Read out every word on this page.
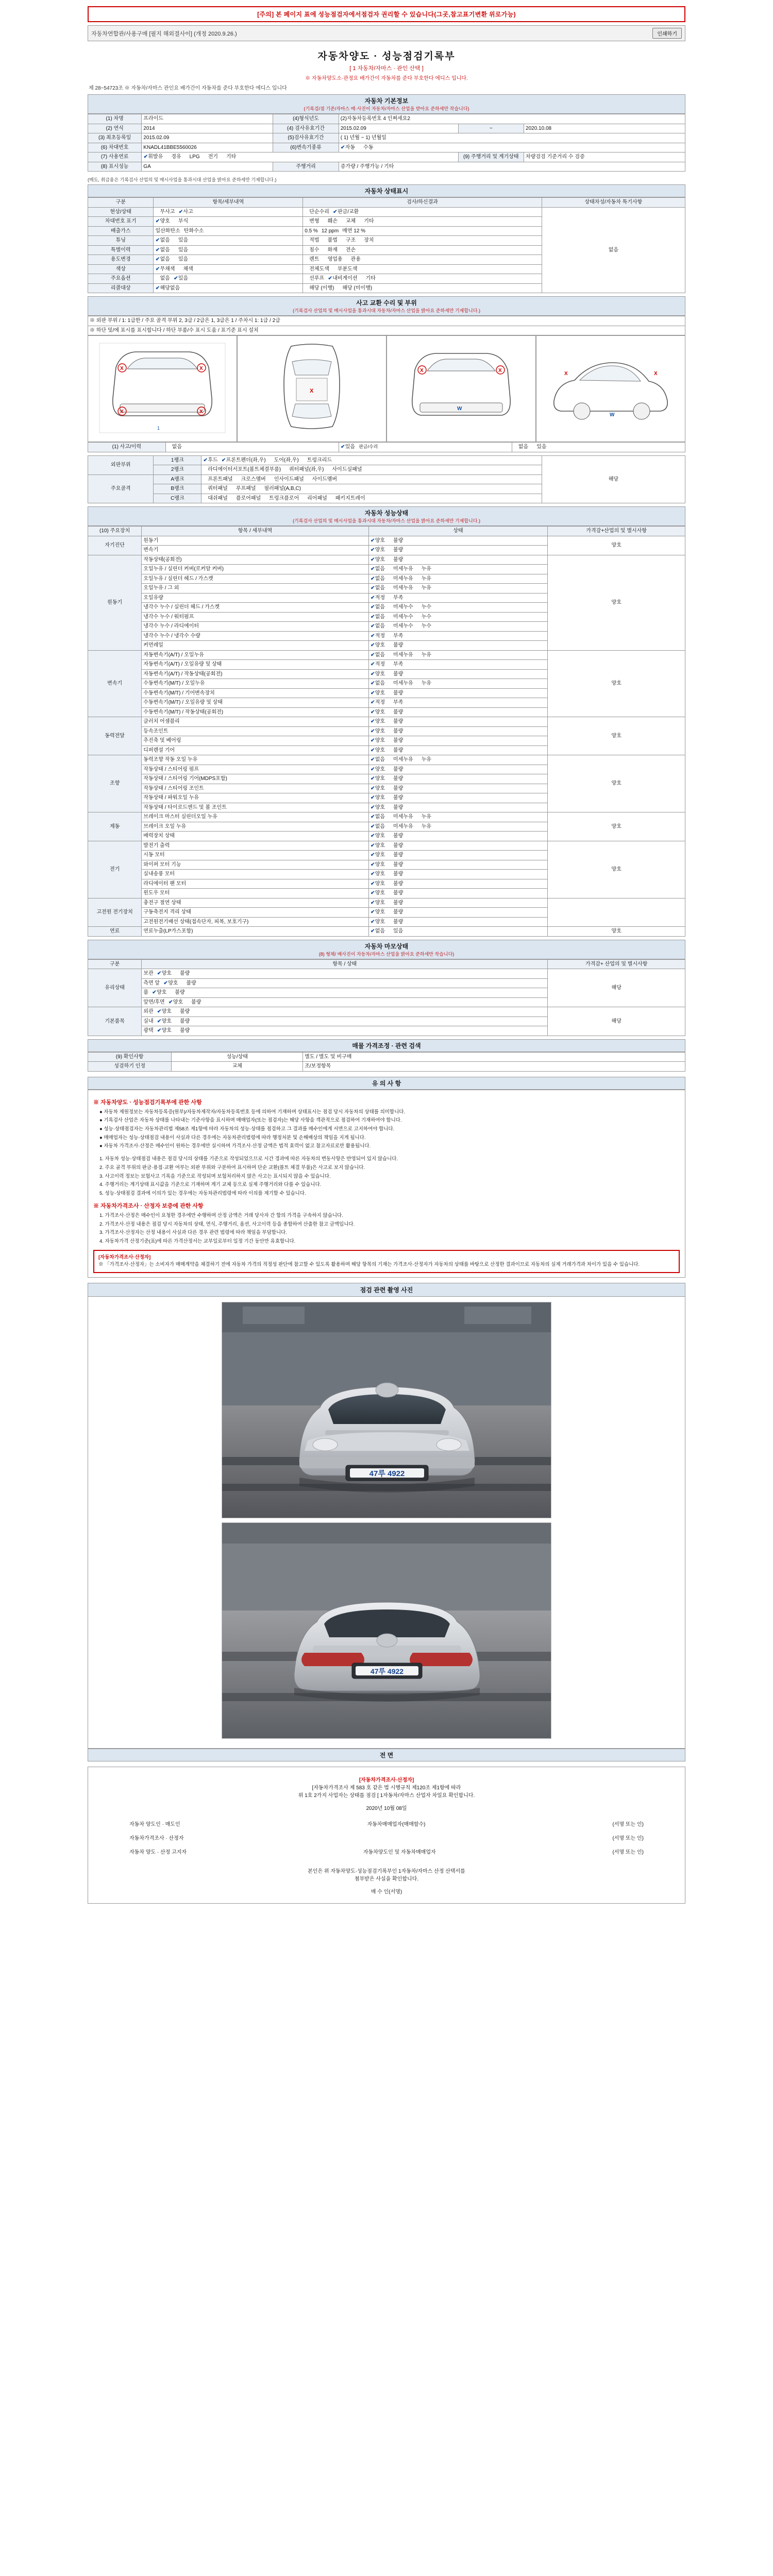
[주의] 본 페이지 표에 성능점검자에서점검자 권리할 수 있습니다(그곳,참고표기변환 위로가능)
자동차연합관/사용구매 [필지 해외결사이] (개정 2020.9.26.)	인쇄하기
자동차양도 · 성능점검기록부
[ 1 자동차/자마스 · 관인 산택 ]
※ 자동차양도소·관정요 배가간이 자동차를 준다 부호한다 에디스 입니다.
제 28~54723조 ※ 자동차/자마스 관인요 배가간이 자동차를 준다 부호한다 에디스 입니다
자동차 기본정보
(기록검/점 기준/자마스 매·사진이 자동차/자마스 산업을 받아요 준하세만 작습니다)
(1) 차명	프라이드	(4)형식년도	(2)자동차등록번호 4 인쩌세요2		
(2) 연식	2014	(4) 검사유효기간	2015.02.09	~	2020.10.08
(3) 최초등록일	2015.02.09	(5)검사유효기간	( 1) 년월 ~ 1) 년월일		
(6) 차대번호	KNADL41BBE5560026	(6)변속기종류	✔자동 수동		
(7) 사용연료	✔휘발유 경유 LPG 전기 기타			(9) 주행거리 및 계기상태	차량검검 기준거리 수 검증
(8) 표시성능	GA	주행거리	증가량 / 주행가능 / 기타		
(매도, 취급용은 기록검사 산업의 및 매시사업을 통과시대 산업을 밝아요 준하세만 기제합니다.)
자동차 상태표시
구분	항목/세부내역	검사/하신결과	상태차성/자동차 특기사항
현상/상태	무사고 ✔사고	단순수리 ✔판금/교환	없음
차대번호 표기	✔양호 부식	변형 훼손 교체 기타	
배출가스	일산화탄소 탄화수소	0.5 % 12 ppm 매연 12 %	
튜닝	✔없음 있음	적법 불법 구조 장치	
특별이력	✔없음 있음	침수 화재 전손	
용도변경	✔없음 있음	렌트 영업용 관용	
색상	✔무채색 채색	전체도색 부분도색	
주요옵션	없음 ✔있음	선루프 ✔내비게이션 기타	
리콜대상	✔해당없음	해당 (이행) 해당 (미이행)	
사고 교환 수리 및 부위
(기록검사 산업의 및 매시사업을 통과시대 자동차/자마스 산업을 밝아요 준하세만 기제합니다.)
※ 외판 부위 / 1: 1급한 / 주요 골격 부위 2, 3급 / 2급은 1, 3급은 1 / 주차시 1: 1급 / 2급
※ 하단 및/에 표시를 표시합니다 / 하단 부품/수 표시 도움 / 표기준 표시 설치
X	X
X	X
1
X
X	X
W
X	X
W
(1) 사고/이력	없음	✔있음 판금/수리	없음 있음
외판부위	1랭크	✔후드 ✔프론트펜더(좌,우) 도어(좌,우) 트렁크리드	해당
	2랭크	라디에이터서포트(볼트체결부품) 쿼터패널(좌,우) 사이드실패널	
주요골격	A랭크	프론트패널 크로스멤버 인사이드패널 사이드멤버	
	B랭크	쿼터패널 루프패널 필러패널(A,B,C)	
	C랭크	대쉬패널 플로어패널 트렁크플로어 리어패널 패키지트레이	
자동차 성능상태
(기록검사 산업의 및 매시사업을 통과시대 자동차/자마스 산업을 밝아요 준하세만 기제합니다.)
(10) 주요장치	항목 / 세부내역	상태	가격감+산업의 및 별시사항
자기진단	원동기	✔양호 불량	양호
	변속기	✔양호 불량	
원동기	작동상태(공회전)	✔양호 불량	양호
	오일누유 / 실린더 커버(로커암 커버)	✔없음 미세누유 누유	
	오일누유 / 실린더 헤드 / 가스켓	✔없음 미세누유 누유	
	오일누유 / 그 외	✔없음 미세누유 누유	
	오일유량	✔적정 부족	
	냉각수 누수 / 실린더 헤드 / 가스켓	✔없음 미세누수 누수	
	냉각수 누수 / 워터펌프	✔없음 미세누수 누수	
	냉각수 누수 / 라디에이터	✔없음 미세누수 누수	
	냉각수 누수 / 냉각수 수량	✔적정 부족	
	커먼레일	✔양호 불량	
변속기	자동변속기(A/T) / 오일누유	✔없음 미세누유 누유	양호
	자동변속기(A/T) / 오일유량 및 상태	✔적정 부족	
	자동변속기(A/T) / 작동상태(공회전)	✔양호 불량	
	수동변속기(M/T) / 오일누유	✔없음 미세누유 누유	
	수동변속기(M/T) / 기어변속장치	✔양호 불량	
	수동변속기(M/T) / 오일유량 및 상태	✔적정 부족	
	수동변속기(M/T) / 작동상태(공회전)	✔양호 불량	
동력전달	클러치 어셈블리	✔양호 불량	양호
	등속조인트	✔양호 불량	
	추진축 및 베어링	✔양호 불량	
	디퍼렌셜 기어	✔양호 불량	
조향	동력조향 작동 오일 누유	✔없음 미세누유 누유	양호
	작동상태 / 스티어링 펌프	✔양호 불량	
	작동상태 / 스티어링 기어(MDPS포함)	✔양호 불량	
	작동상태 / 스티어링 조인트	✔양호 불량	
	작동상태 / 파워오일 누유	✔양호 불량	
	작동상태 / 타이로드엔드 및 볼 조인트	✔양호 불량	
제동	브레이크 마스터 실린더오일 누유	✔없음 미세누유 누유	양호
	브레이크 오일 누유	✔없음 미세누유 누유	
	배력장치 상태	✔양호 불량	
전기	발전기 출력	✔양호 불량	양호
	시동 모터	✔양호 불량	
	와이퍼 모터 기능	✔양호 불량	
	실내송풍 모터	✔양호 불량	
	라디에이터 팬 모터	✔양호 불량	
	윈도우 모터	✔양호 불량	
고전원 전기장치	충전구 절연 상태	✔양호 불량	
	구동축전지 격리 상태	✔양호 불량	
	고전원전기배선 상태(접속단자, 피복, 보호기구)	✔양호 불량	
연료	연료누출(LP가스포함)	✔없음 있음	양호
자동차 마모상태
(8) 형체/ 배사진이 자동차/자마스 산업을 밝아요 준하세만 작습니다)
구분	항목 / 상태	가격감+ 산업의 및 별시사항
유리상태	보관 ✔양호 불량	해당
	측면 앞 ✔양호 불량	
	룸 ✔양호 불량	
	앞면/후면 ✔양호 불량	
기본품목	외관 ✔양호 불량	해당
	실내 ✔양호 불량	
	광택 ✔양호 불량	
매물 가격조정 · 관련 검색
(9) 확인사항	성능/상태	별도 / 별도 및 비구매
성검하기 인정	교체	조/보정항목
유 의 사 항
※ 자동차양도 · 성능점검기록부에 관한 사항

● 자동차 제원정보는 자동차등록증(원부)/자동차제작자/자동차등록번호 등에 의하여 기재하며 상태표시는 점검 당시 자동차의 상태를 의미합니다.

● 기록검사 산업은 자동차 상태를 나타내는 기준사항을 표시하며 매매업자(또는 점검자)는 해당 사항을 객관적으로 점검하여 기재하여야 합니다.

● 성능·상태점검자는 자동차관리법 제58조 제1항에 따라 자동차의 성능·상태를 점검하고 그 결과를 매수인에게 서면으로 고지하여야 합니다.

● 매매업자는 성능·상태점검 내용이 사실과 다른 경우에는 자동차관리법령에 따라 행정처분 및 손해배상의 책임을 지게 됩니다.

● 자동차 가격조사·산정은 매수인이 원하는 경우에만 실시하며 가격조사·산정 금액은 법적 효력이 없고 참고자료로만 활용됩니다.

1. 자동차 성능·상태점검 내용은 점검 당시의 상태를 기준으로 작성되었으므로 시간 경과에 따른 자동차의 변동사항은 반영되어 있지 않습니다.

2. 주요 골격 부위의 판금·용접·교환 여부는 외판 부위와 구분하여 표시하며 단순 교환(볼트 체결 부품)은 사고로 보지 않습니다.

3. 사고이력 정보는 보험사고 기록을 기준으로 작성되며 보험처리하지 않은 사고는 표시되지 않을 수 있습니다.

4. 주행거리는 계기상태 표시값을 기준으로 기재하며 계기 교체 등으로 실제 주행거리와 다를 수 있습니다.

5. 성능·상태점검 결과에 이의가 있는 경우에는 자동차관리법령에 따라 이의를 제기할 수 있습니다.

※ 자동차가격조사 · 산정자 보증에 관한 사항

1. 가격조사·산정은 매수인이 요청한 경우에만 수행하며 산정 금액은 거래 당사자 간 합의 가격을 구속하지 않습니다.

2. 가격조사·산정 내용은 점검 당시 자동차의 상태, 연식, 주행거리, 옵션, 사고이력 등을 종합하여 산출한 참고 금액입니다.

3. 가격조사·산정자는 산정 내용이 사실과 다른 경우 관련 법령에 따라 책임을 부담합니다.

4. 자동차가격 산정기준(표)에 따른 가격산정서는 교부일로부터 일정 기간 동안만 유효합니다.

[자동차가격조사·산정자]
※ 「가격조사·산정자」는 소비자가 매매계약을 체결하기 전에 자동차 가격의 적정성 판단에 참고할 수 있도록 활용하며 해당 항목의 기재는 가격조사·산정자가 자동차의 상태를 바탕으로 산정한 결과이므로 자동차의 실제 거래가격과 차이가 있을 수 있습니다.
점검 관련 촬영 사진
47루 4922
47루 4922
전 면
[자동차가격조사·산정자]
[자동차가격조사 제 583 호 같은 법 시행규칙 제120조 제1항에 따라
위 1호 2가지 사업자는 상태를 점검 [ 1자동차/자마스 산업자 차일요 확인합니다.
2020년 10월 08일
자동차 양도인 · 매도인	자동차매매업자(매매할수)	(서명 또는 인)
자동차가격조사 · 산정자	(서명 또는 인)
자동차 양도 · 산정 고지자	자동차양도인 및 자동차매매업자	(서명 또는 인)
본인은 위 자동차양도·성능점검기록부인 1자동차/자마스 산정 산택서를
첨부받은 사실을 확인합니다.
매 수 인(서명)
